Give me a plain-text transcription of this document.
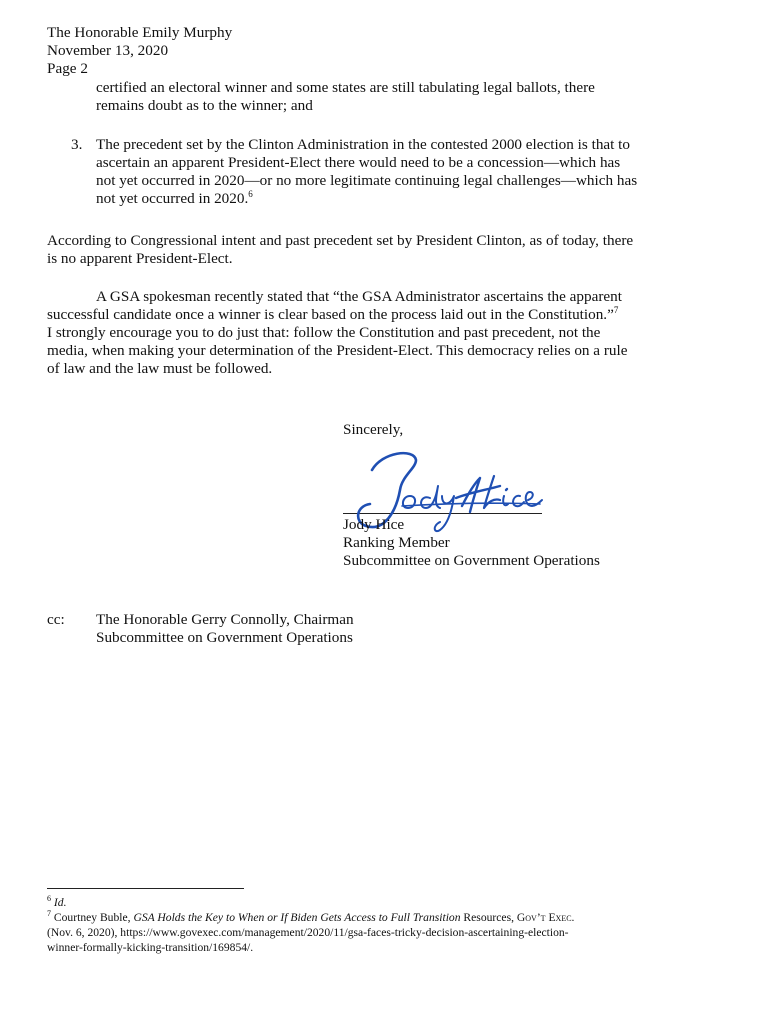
The Honorable Emily Murphy
November 13, 2020
Page 2
certified an electoral winner and some states are still tabulating legal ballots, there
remains doubt as to the winner; and
3. The precedent set by the Clinton Administration in the contested 2000 election is that to
ascertain an apparent President-Elect there would need to be a concession—which has
not yet occurred in 2020—or no more legitimate continuing legal challenges—which has
not yet occurred in 2020.$^6$
According to Congressional intent and past precedent set by President Clinton, as of today, there
is no apparent President-Elect.
A GSA spokesman recently stated that “the GSA Administrator ascertains the apparent
successful candidate once a winner is clear based on the process laid out in the Constitution.”$^7$
I strongly encourage you to do just that: follow the Constitution and past precedent, not the
media, when making your determination of the President-Elect. This democracy relies on a rule
of law and the law must be followed.
Sincerely,
Jody Hice
Ranking Member
Subcommittee on Government Operations
cc: The Honorable Gerry Connolly, Chairman
Subcommittee on Government Operations
$^6$ Id.
$^7$ Courtney Buble, GSA Holds the Key to When or If Biden Gets Access to Full Transition Resources, Gov’t Exec.
(Nov. 6, 2020), https://www.govexec.com/management/2020/11/gsa-faces-tricky-decision-ascertaining-election-
winner-formally-kicking-transition/169854/.
